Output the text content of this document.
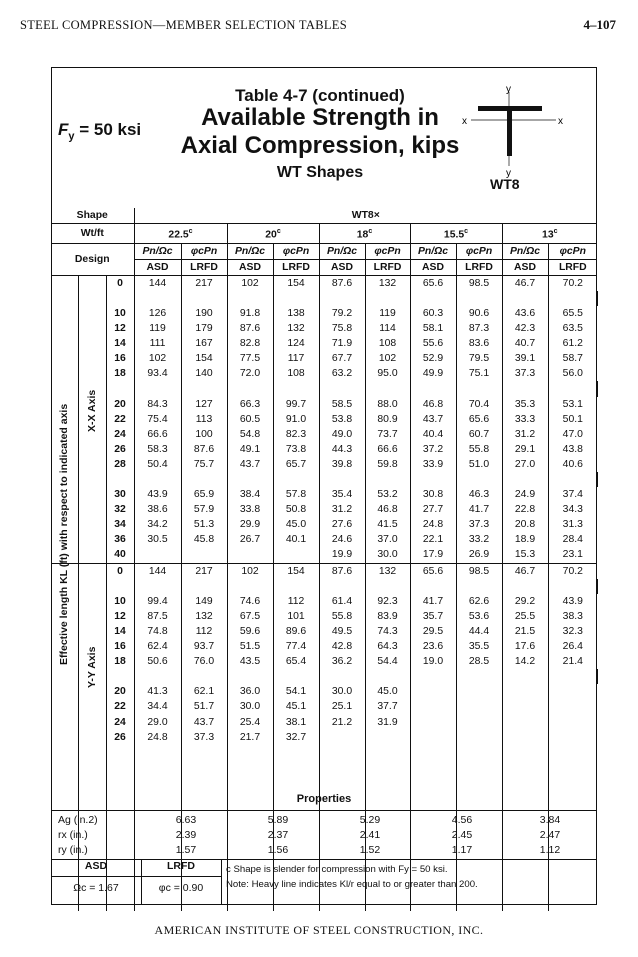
STEEL COMPRESSION—MEMBER SELECTION TABLES	4–107
$F_y = 50$ ksi
Table 4-7 (continued)
Available Strength in
Axial Compression, kips
WT Shapes
x	x
y
y
WT8
Shape			WT8×									
Wt/ft			22.5$^c$		20$^c$		18$^c$		15.5$^c$		13$^c$
Design			Pn/Ωc	φcPn	Pn/Ωc	φcPn	Pn/Ωc	φcPn	Pn/Ωc	φcPn	Pn/Ωc	φcPn
			ASD	LRFD	ASD	LRFD	ASD	LRFD	ASD	LRFD	ASD	LRFD
		0	144	217	102	154	87.6	132	65.6	98.5	46.7	70.2

		10	126	190	91.8	138	79.2	119	60.3	90.6	43.6	65.5
		12	119	179	87.6	132	75.8	114	58.1	87.3	42.3	63.5
		14	111	167	82.8	124	71.9	108	55.6	83.6	40.7	61.2
		16	102	154	77.5	117	67.7	102	52.9	79.5	39.1	58.7
		18	93.4	140	72.0	108	63.2	95.0	49.9	75.1	37.3	56.0

		20	84.3	127	66.3	99.7	58.5	88.0	46.8	70.4	35.3	53.1
		22	75.4	113	60.5	91.0	53.8	80.9	43.7	65.6	33.3	50.1
		24	66.6	100	54.8	82.3	49.0	73.7	40.4	60.7	31.2	47.0
		26	58.3	87.6	49.1	73.8	44.3	66.6	37.2	55.8	29.1	43.8
		28	50.4	75.7	43.7	65.7	39.8	59.8	33.9	51.0	27.0	40.6

		30	43.9	65.9	38.4	57.8	35.4	53.2	30.8	46.3	24.9	37.4
		32	38.6	57.9	33.8	50.8	31.2	46.8	27.7	41.7	22.8	34.3
		34	34.2	51.3	29.9	45.0	27.6	41.5	24.8	37.3	20.8	31.3
		36	30.5	45.8	26.7	40.1	24.6	37.0	22.1	33.2	18.9	28.4
		40					19.9	30.0	17.9	26.9	15.3	23.1
		0	144	217	102	154	87.6	132	65.6	98.5	46.7	70.2

		10	99.4	149	74.6	112	61.4	92.3	41.7	62.6	29.2	43.9
		12	87.5	132	67.5	101	55.8	83.9	35.7	53.6	25.5	38.3
		14	74.8	112	59.6	89.6	49.5	74.3	29.5	44.4	21.5	32.3
		16	62.4	93.7	51.5	77.4	42.8	64.3	23.6	35.5	17.6	26.4
		18	50.6	76.0	43.5	65.4	36.2	54.4	19.0	28.5	14.2	21.4

		20	41.3	62.1	36.0	54.1	30.0	45.0				
		22	34.4	51.7	30.0	45.1	25.1	37.7				
		24	29.0	43.7	25.4	38.1	21.2	31.9				
		26	24.8	37.3	21.7	32.7						

Effective length KL (ft) with respect to indicated axis X-X Axis
Y-Y Axis
Properties
Ag (in.2)	6.63	5.89	5.29	4.56	3.84
rx (in.)	2.39	2.37	2.41	2.45	2.47
ry (in.)	1.57	1.56	1.52	1.17	1.12
ASD	LRFD
Ωc = 1.67	φc = 0.90
c Shape is slender for compression with Fy = 50 ksi.
Note: Heavy line indicates Kl/r equal to or greater than 200.
AMERICAN INSTITUTE OF STEEL CONSTRUCTION, INC.
